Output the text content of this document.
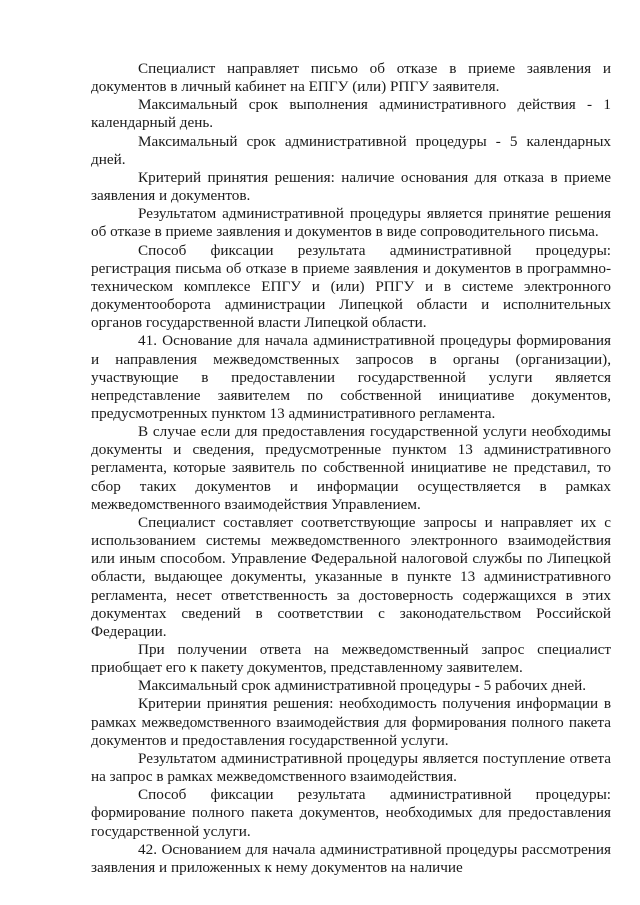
Специалист направляет письмо об отказе в приеме заявления и документов в личный кабинет на ЕПГУ (или) РПГУ заявителя.

Максимальный срок выполнения административного действия - 1 календарный день.

Максимальный срок административной процедуры - 5 календарных дней.

Критерий принятия решения: наличие основания для отказа в приеме заявления и документов.

Результатом административной процедуры является принятие решения об отказе в приеме заявления и документов в виде сопроводительного письма.

Способ фиксации результата административной процедуры: регистрация письма об отказе в приеме заявления и документов в программно-техническом комплексе ЕПГУ и (или) РПГУ и в системе электронного документооборота администрации Липецкой области и исполнительных органов государственной власти Липецкой области.

41. Основание для начала административной процедуры формирования и направления межведомственных запросов в органы (организации), участвующие в предоставлении государственной услуги является непредставление заявителем по собственной инициативе документов, предусмотренных пунктом 13 административного регламента.

В случае если для предоставления государственной услуги необходимы документы и сведения, предусмотренные пунктом 13 административного регламента, которые заявитель по собственной инициативе не представил, то сбор таких документов и информации осуществляется в рамках межведомственного взаимодействия Управлением.

Специалист составляет соответствующие запросы и направляет их с использованием системы межведомственного электронного взаимодействия или иным способом. Управление Федеральной налоговой службы по Липецкой области, выдающее документы, указанные в пункте 13 административного регламента, несет ответственность за достоверность содержащихся в этих документах сведений в соответствии с законодательством Российской Федерации.

При получении ответа на межведомственный запрос специалист приобщает его к пакету документов, представленному заявителем.

Максимальный срок административной процедуры - 5 рабочих дней.

Критерии принятия решения: необходимость получения информации в рамках межведомственного взаимодействия для формирования полного пакета документов и предоставления государственной услуги.

Результатом административной процедуры является поступление ответа на запрос в рамках межведомственного взаимодействия.

Способ фиксации результата административной процедуры: формирование полного пакета документов, необходимых для предоставления государственной услуги.

42. Основанием для начала административной процедуры рассмотрения заявления и приложенных к нему документов на наличие
